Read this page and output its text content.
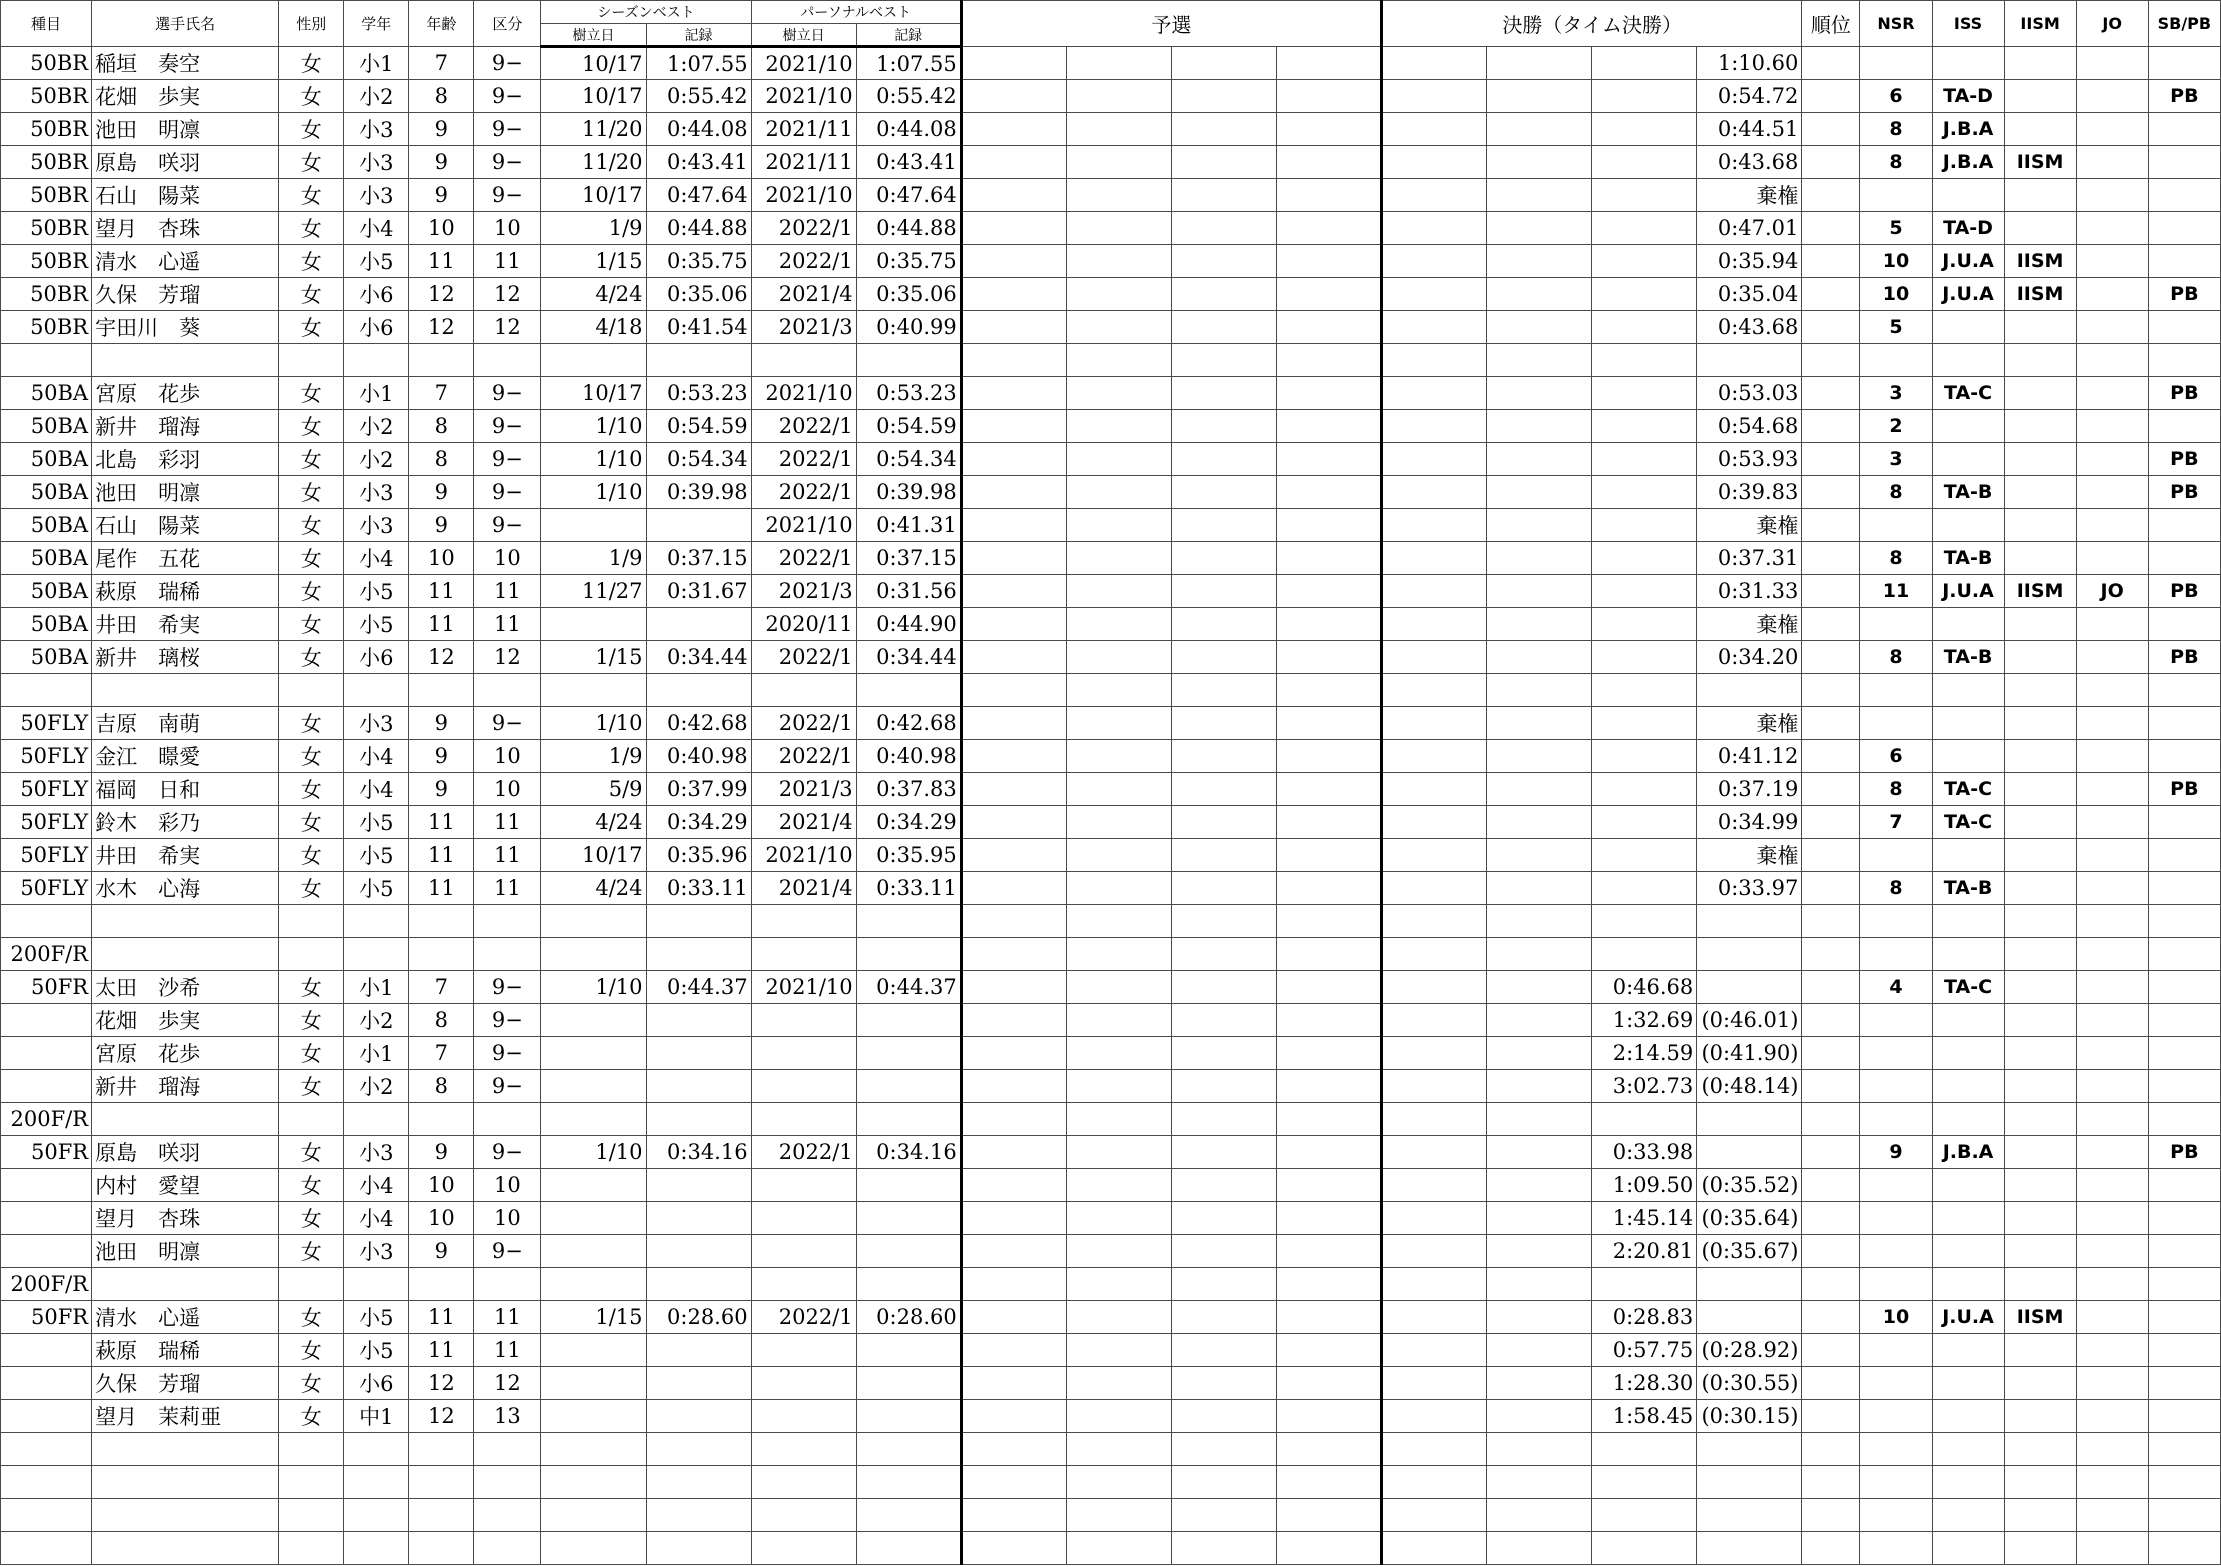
種目	選手氏名	性別	学年	年齢	区分	シーズンベスト		パーソナルベスト		予選				決勝（タイム決勝）				順位	NSR	ISS	IISM	JO	SB/PB
						樹立日	記録	樹立日	記録														
50BR	稲垣　奏空	女	小1	7	9−	10/17	1:07.55	2021/10	1:07.55								1:10.60						
50BR	花畑　歩実	女	小2	8	9−	10/17	0:55.42	2021/10	0:55.42								0:54.72		6	TA-D			PB
50BR	池田　明凛	女	小3	9	9−	11/20	0:44.08	2021/11	0:44.08								0:44.51		8	J.B.A			
50BR	原島　咲羽	女	小3	9	9−	11/20	0:43.41	2021/11	0:43.41								0:43.68		8	J.B.A	IISM		
50BR	石山　陽菜	女	小3	9	9−	10/17	0:47.64	2021/10	0:47.64								棄権						
50BR	望月　杏珠	女	小4	10	10	1/9	0:44.88	2022/1	0:44.88								0:47.01		5	TA-D			
50BR	清水　心遥	女	小5	11	11	1/15	0:35.75	2022/1	0:35.75								0:35.94		10	J.U.A	IISM		
50BR	久保　芳瑠	女	小6	12	12	4/24	0:35.06	2021/4	0:35.06								0:35.04		10	J.U.A	IISM		PB
50BR	宇田川　葵	女	小6	12	12	4/18	0:41.54	2021/3	0:40.99								0:43.68		5				

50BA	宮原　花歩	女	小1	7	9−	10/17	0:53.23	2021/10	0:53.23								0:53.03		3	TA-C			PB
50BA	新井　瑠海	女	小2	8	9−	1/10	0:54.59	2022/1	0:54.59								0:54.68		2				
50BA	北島　彩羽	女	小2	8	9−	1/10	0:54.34	2022/1	0:54.34								0:53.93		3				PB
50BA	池田　明凛	女	小3	9	9−	1/10	0:39.98	2022/1	0:39.98								0:39.83		8	TA-B			PB
50BA	石山　陽菜	女	小3	9	9−			2021/10	0:41.31								棄権						
50BA	尾作　五花	女	小4	10	10	1/9	0:37.15	2022/1	0:37.15								0:37.31		8	TA-B			
50BA	萩原　瑞稀	女	小5	11	11	11/27	0:31.67	2021/3	0:31.56								0:31.33		11	J.U.A	IISM	JO	PB
50BA	井田　希実	女	小5	11	11			2020/11	0:44.90								棄権						
50BA	新井　璃桜	女	小6	12	12	1/15	0:34.44	2022/1	0:34.44								0:34.20		8	TA-B			PB

50FLY	吉原　南萌	女	小3	9	9−	1/10	0:42.68	2022/1	0:42.68								棄権						
50FLY	金江　暻愛	女	小4	9	10	1/9	0:40.98	2022/1	0:40.98								0:41.12		6				
50FLY	福岡　日和	女	小4	9	10	5/9	0:37.99	2021/3	0:37.83								0:37.19		8	TA-C			PB
50FLY	鈴木　彩乃	女	小5	11	11	4/24	0:34.29	2021/4	0:34.29								0:34.99		7	TA-C			
50FLY	井田　希実	女	小5	11	11	10/17	0:35.96	2021/10	0:35.95								棄権						
50FLY	水木　心海	女	小5	11	11	4/24	0:33.11	2021/4	0:33.11								0:33.97		8	TA-B			

200F/R																							
50FR	太田　沙希	女	小1	7	9−	1/10	0:44.37	2021/10	0:44.37							0:46.68			4	TA-C			
	花畑　歩実	女	小2	8	9−											1:32.69	(0:46.01)						
	宮原　花歩	女	小1	7	9−											2:14.59	(0:41.90)						
	新井　瑠海	女	小2	8	9−											3:02.73	(0:48.14)						
200F/R																							
50FR	原島　咲羽	女	小3	9	9−	1/10	0:34.16	2022/1	0:34.16							0:33.98			9	J.B.A			PB
	内村　愛望	女	小4	10	10											1:09.50	(0:35.52)						
	望月　杏珠	女	小4	10	10											1:45.14	(0:35.64)						
	池田　明凛	女	小3	9	9−											2:20.81	(0:35.67)						
200F/R																							
50FR	清水　心遥	女	小5	11	11	1/15	0:28.60	2022/1	0:28.60							0:28.83			10	J.U.A	IISM		
	萩原　瑞稀	女	小5	11	11											0:57.75	(0:28.92)						
	久保　芳瑠	女	小6	12	12											1:28.30	(0:30.55)						
	望月　茉莉亜	女	中1	12	13											1:58.45	(0:30.15)						
